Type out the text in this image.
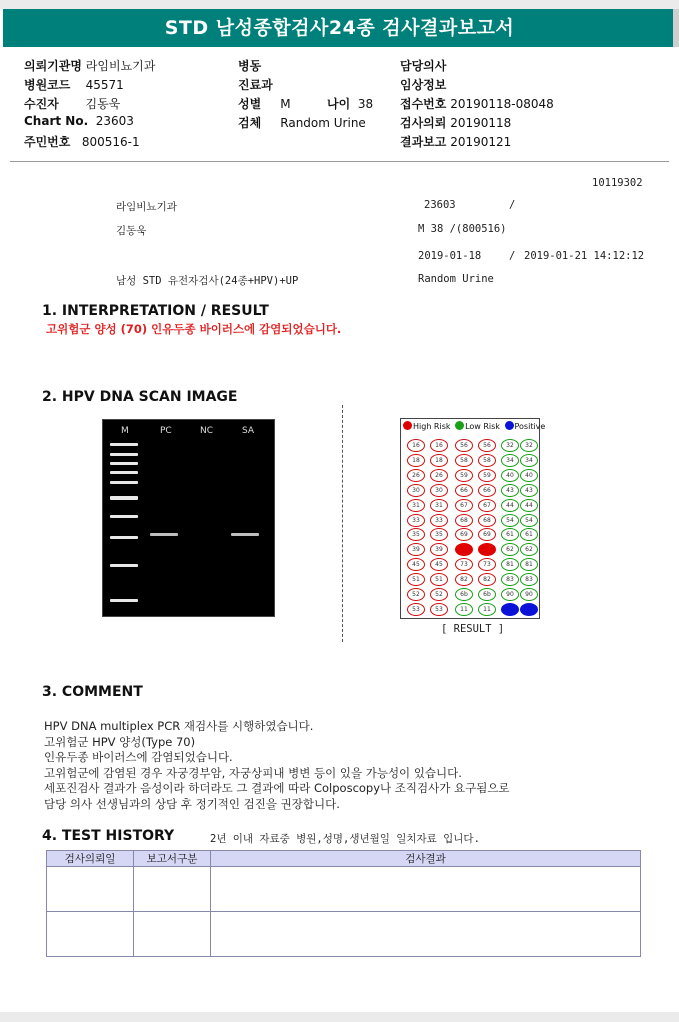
STD 남성종합검사24종 검사결과보고서
의뢰기관명 라임비뇨기과
병원코드 45571
수진자 김동욱
Chart No. 23603
주민번호 800516-1
병동
진료과
성별 M	나이 38
검체 Random Urine
담당의사
임상정보
접수번호 20190118-08048
검사의뢰 20190118
결과보고 20190121
10119302
라임비뇨기과	23603	/
김동욱	M 38 /(800516)
2019-01-18	/ 2019-01-21 14:12:12
남성 STD 유전자검사(24종+HPV)+UP	Random Urine
1. INTERPRETATION / RESULT
고위험군 양성 (70) 인유두종 바이러스에 감염되었습니다.
2. HPV DNA SCAN IMAGE
M	PC	NC	SA	High Risk Low Risk Positive
16	16	56	56	32	32
18	18	58	58	34	34
26	26	59	59	40	40
30	30	66	66	43	43
31	31	67	67	44	44
33	33	68	68	54	54
35	35	69	69	61	61
39	39	70	70	62	62
45	45	73	73	81	81
51	51	82	82	83	83
52	52	6b	6b	90	90
53	53	11	11	β	β
[ RESULT ]
3. COMMENT
HPV DNA multiplex PCR 재검사를 시행하였습니다.
고위험군 HPV 양성(Type 70)
인유두종 바이러스에 감염되었습니다.
고위험군에 감염된 경우 자궁경부암, 자궁상피내 병변 등이 있을 가능성이 있습니다.
세포진검사 결과가 음성이라 하더라도 그 결과에 따라 Colposcopy나 조직검사가 요구됨으로
담당 의사 선생님과의 상담 후 정기적인 검진을 권장합니다.
4. TEST HISTORY	2년 이내 자료중 병원,성명,생년월일 일치자료 입니다.
검사의뢰일	보고서구분	검사결과
